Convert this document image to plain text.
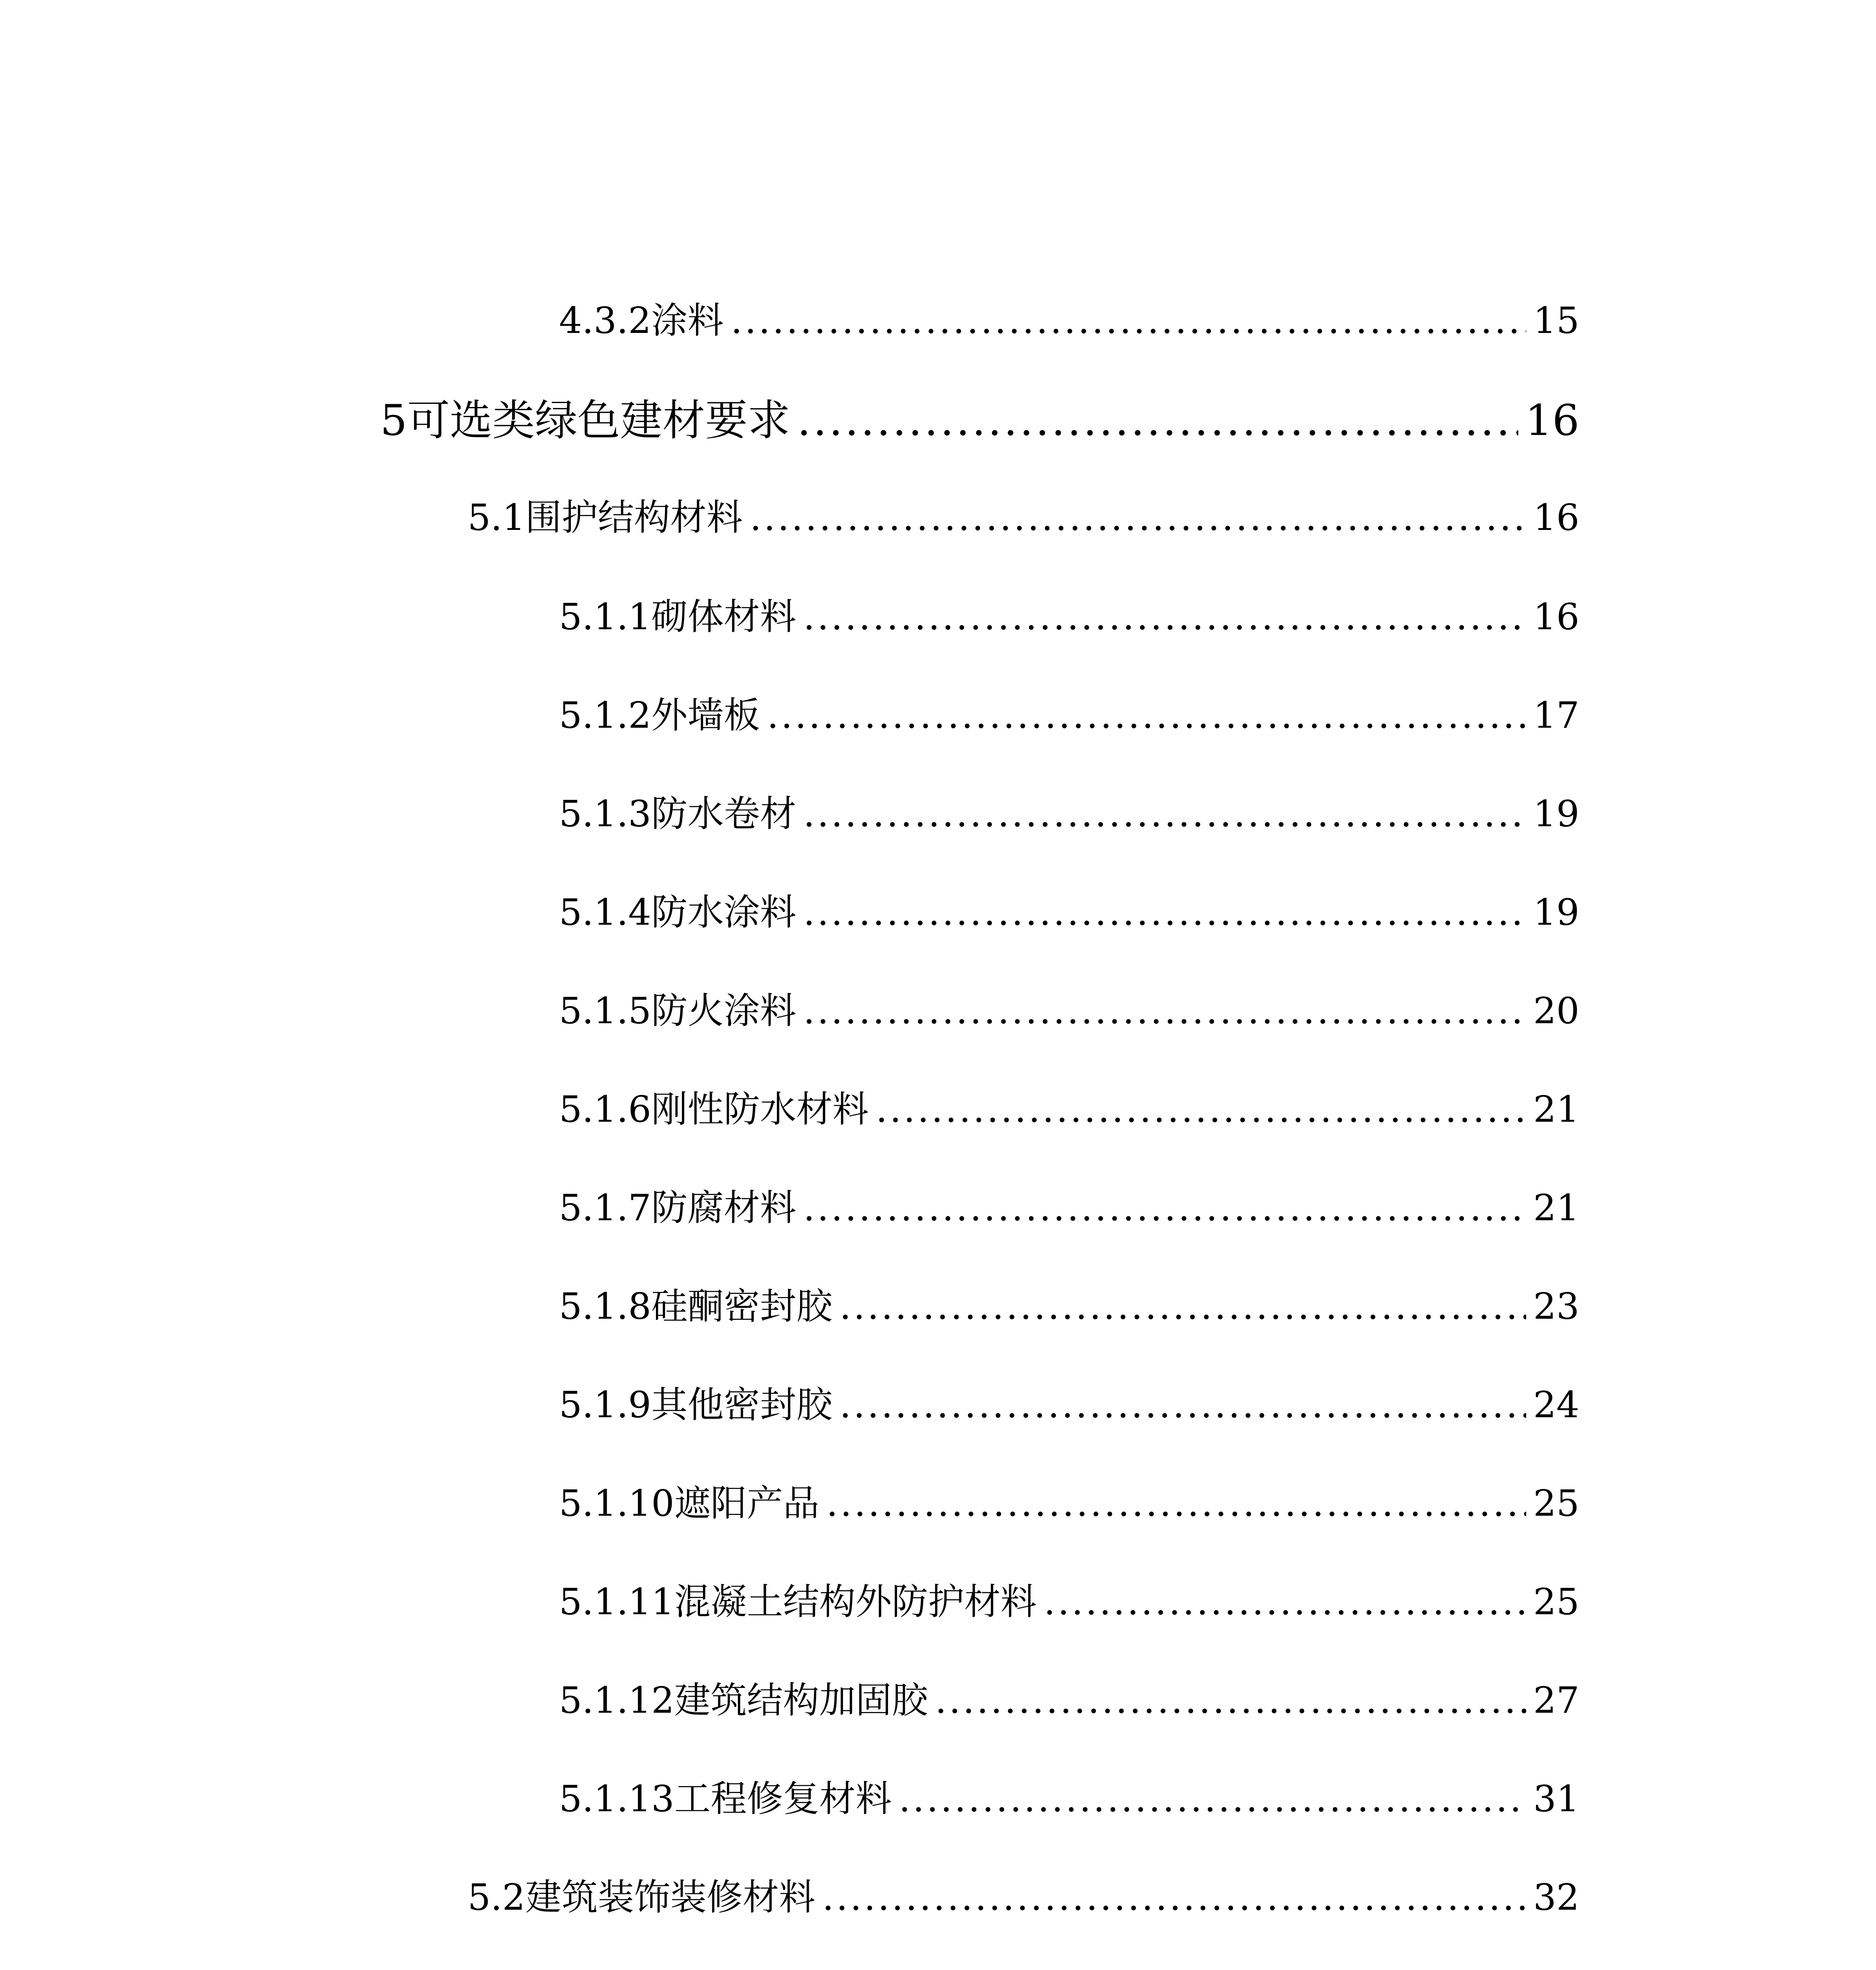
4.3.2 涂料 .....	15
5 可选类绿色建材要求 .....	16
5.1 围护结构材料 .....	16
5.1.1 砌体材料 .....	16
5.1.2 外墙板 .....	17
5.1.3 防水卷材 .....	19
5.1.4 防水涂料 .....	19
5.1.5 防火涂料 .....	20
5.1.6 刚性防水材料 .....	21
5.1.7 防腐材料 .....	21
5.1.8 硅酮密封胶 .....	23
5.1.9 其他密封胶 .....	24
5.1.10 遮阳产品 .....	25
5.1.11 混凝土结构外防护材料 .....	25
5.1.12 建筑结构加固胶 .....	27
5.1.13 工程修复材料 .....	31
5.2 建筑装饰装修材料 .....	32
